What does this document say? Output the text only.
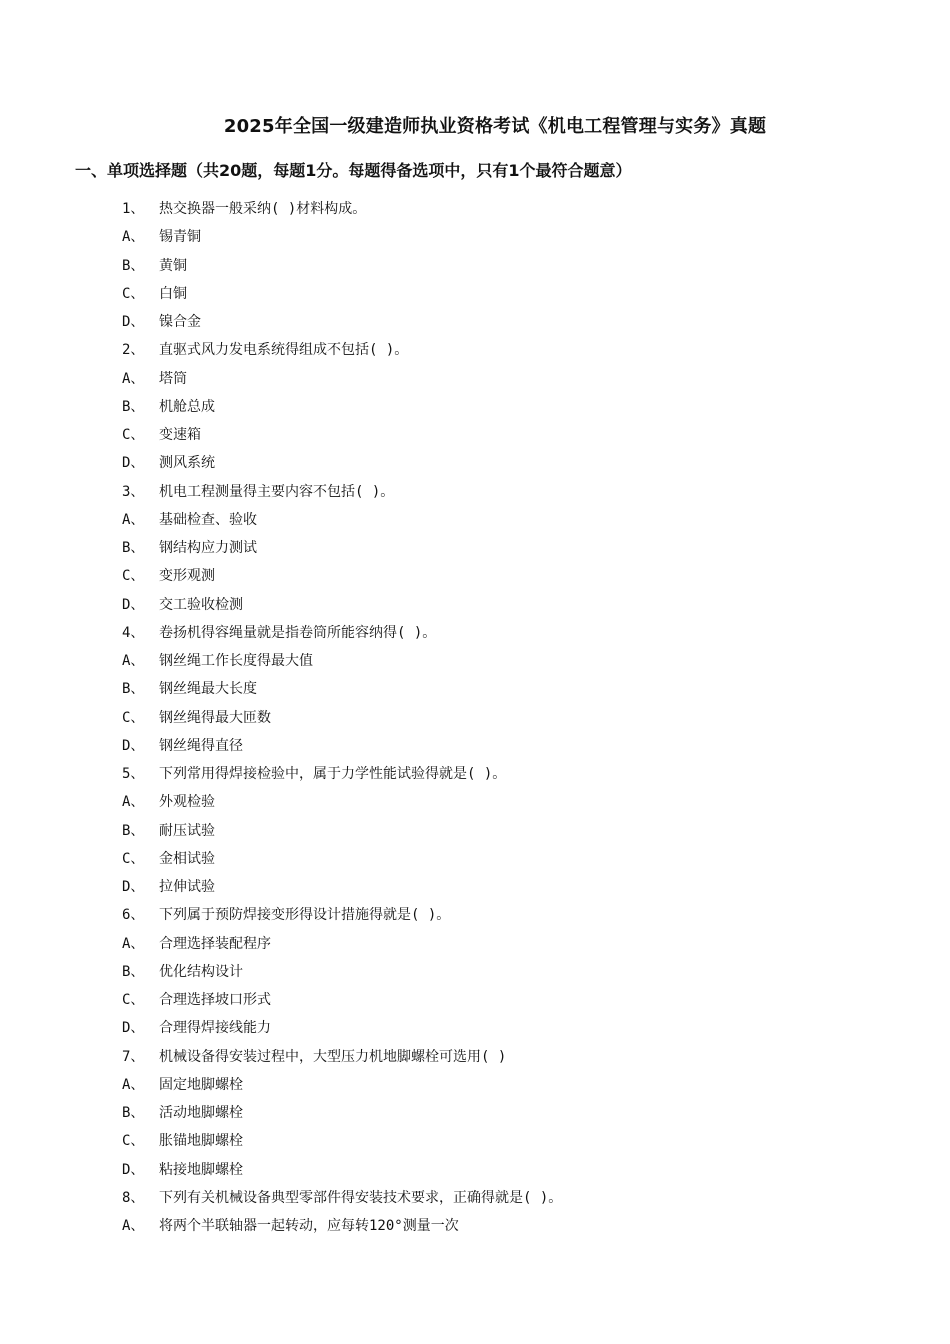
2025年全国一级建造师执业资格考试《机电工程管理与实务》真题
一、单项选择题（共20题，每题1分。每题得备选项中，只有1个最符合题意）
1、 热交换器一般采纳( )材料构成。
A、 锡青铜
B、 黄铜
C、 白铜
D、 镍合金
2、 直驱式风力发电系统得组成不包括( )。
A、 塔筒
B、 机舱总成
C、 变速箱
D、 测风系统
3、 机电工程测量得主要内容不包括( )。
A、 基础检查、验收
B、 钢结构应力测试
C、 变形观测
D、 交工验收检测
4、 卷扬机得容绳量就是指卷筒所能容纳得( )。
A、 钢丝绳工作长度得最大值
B、 钢丝绳最大长度
C、 钢丝绳得最大匝数
D、 钢丝绳得直径
5、 下列常用得焊接检验中，属于力学性能试验得就是( )。
A、 外观检验
B、 耐压试验
C、 金相试验
D、 拉伸试验
6、 下列属于预防焊接变形得设计措施得就是( )。
A、 合理选择装配程序
B、 优化结构设计
C、 合理选择坡口形式
D、 合理得焊接线能力
7、 机械设备得安装过程中，大型压力机地脚螺栓可选用( )
A、 固定地脚螺栓
B、 活动地脚螺栓
C、 胀锚地脚螺栓
D、 粘接地脚螺栓
8、 下列有关机械设备典型零部件得安装技术要求，正确得就是( )。
A、 将两个半联轴器一起转动，应每转120°测量一次
